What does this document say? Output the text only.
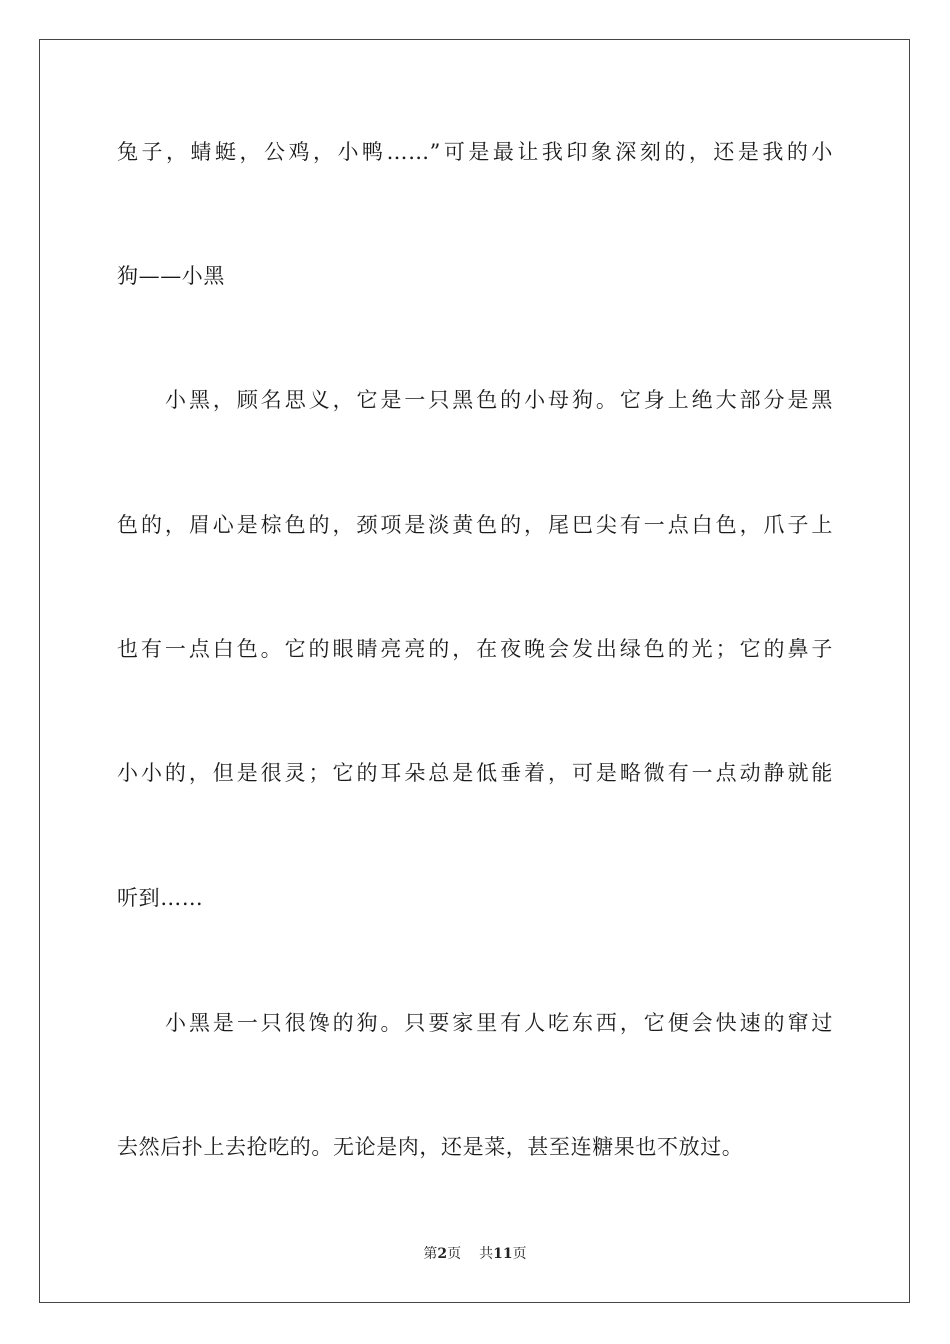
兔子，蜻蜓，公鸡，小鸭……”可是最让我印象深刻的，还是我的小
狗——小黑
小黑，顾名思义，它是一只黑色的小母狗。它身上绝大部分是黑
色的，眉心是棕色的，颈项是淡黄色的，尾巴尖有一点白色，爪子上
也有一点白色。它的眼睛亮亮的，在夜晚会发出绿色的光；它的鼻子
小小的，但是很灵；它的耳朵总是低垂着，可是略微有一点动静就能
听到……
小黑是一只很馋的狗。只要家里有人吃东西，它便会快速的窜过
去然后扑上去抢吃的。无论是肉，还是菜，甚至连糖果也不放过。
第2页 共11页
